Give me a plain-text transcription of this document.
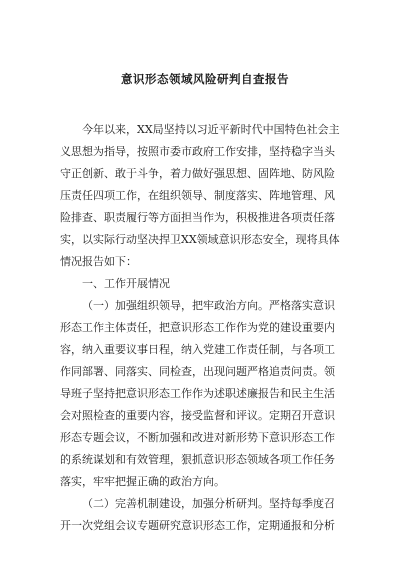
意识形态领域风险研判自查报告
今年以来，XX局坚持以习近平新时代中国特色社会主
义思想为指导，按照市委市政府工作安排，坚持稳字当头
守正创新、敢于斗争，着力做好强思想、固阵地、防风险
压责任四项工作，在组织领导、制度落实、阵地管理、风
险排查、职责履行等方面担当作为，积极推进各项责任落
实，以实际行动坚决捍卫XX领域意识形态安全，现将具体
情况报告如下：
一、工作开展情况
（一）加强组织领导，把牢政治方向。严格落实意识
形态工作主体责任，把意识形态工作作为党的建设重要内
容，纳入重要议事日程，纳入党建工作责任制，与各项工
作同部署、同落实、同检查，出现问题严格追责问责。领
导班子坚持把意识形态工作作为述职述廉报告和民主生活
会对照检查的重要内容，接受监督和评议。定期召开意识
形态专题会议，不断加强和改进对新形势下意识形态工作
的系统谋划和有效管理，狠抓意识形态领域各项工作任务
落实，牢牢把握正确的政治方向。
（二）完善机制建设，加强分析研判。坚持每季度召
开一次党组会议专题研究意识形态工作，定期通报和分析
